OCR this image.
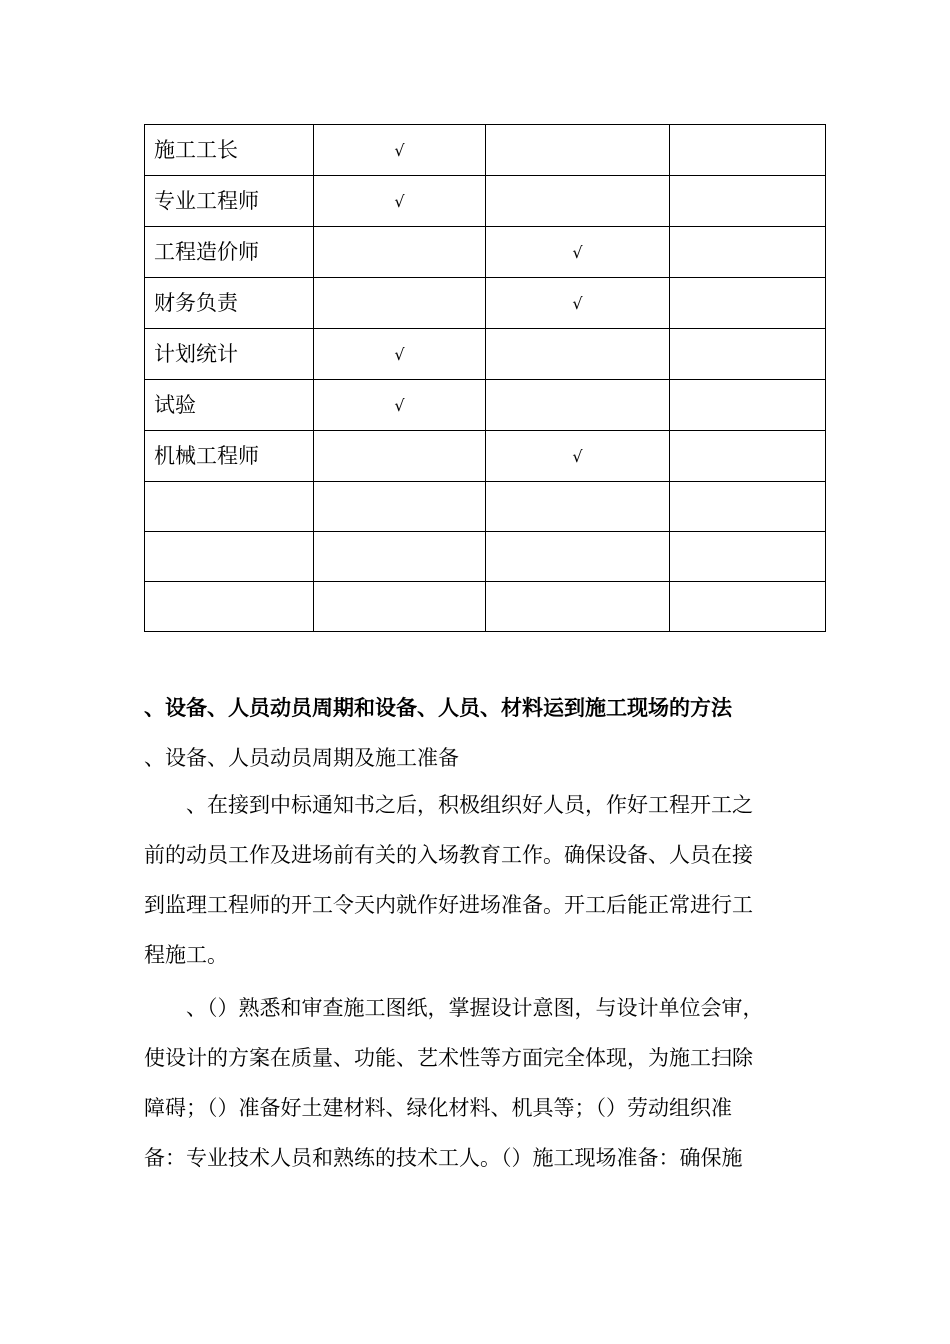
施工工长	√		
专业工程师	√		
工程造价师		√	
财务负责		√	
计划统计	√		
试验	√		
机械工程师		√	

、设备、人员动员周期和设备、人员、材料运到施工现场的方法
、设备、人员动员周期及施工准备
、在接到中标通知书之后，积极组织好人员，作好工程开工之
前的动员工作及进场前有关的入场教育工作。确保设备、人员在接
到监理工程师的开工令天内就作好进场准备。开工后能正常进行工
程施工。
、（）熟悉和审查施工图纸，掌握设计意图，与设计单位会审，
使设计的方案在质量、功能、艺术性等方面完全体现，为施工扫除
障碍；（）准备好土建材料、绿化材料、机具等；（）劳动组织准
备：专业技术人员和熟练的技术工人。（）施工现场准备：确保施
